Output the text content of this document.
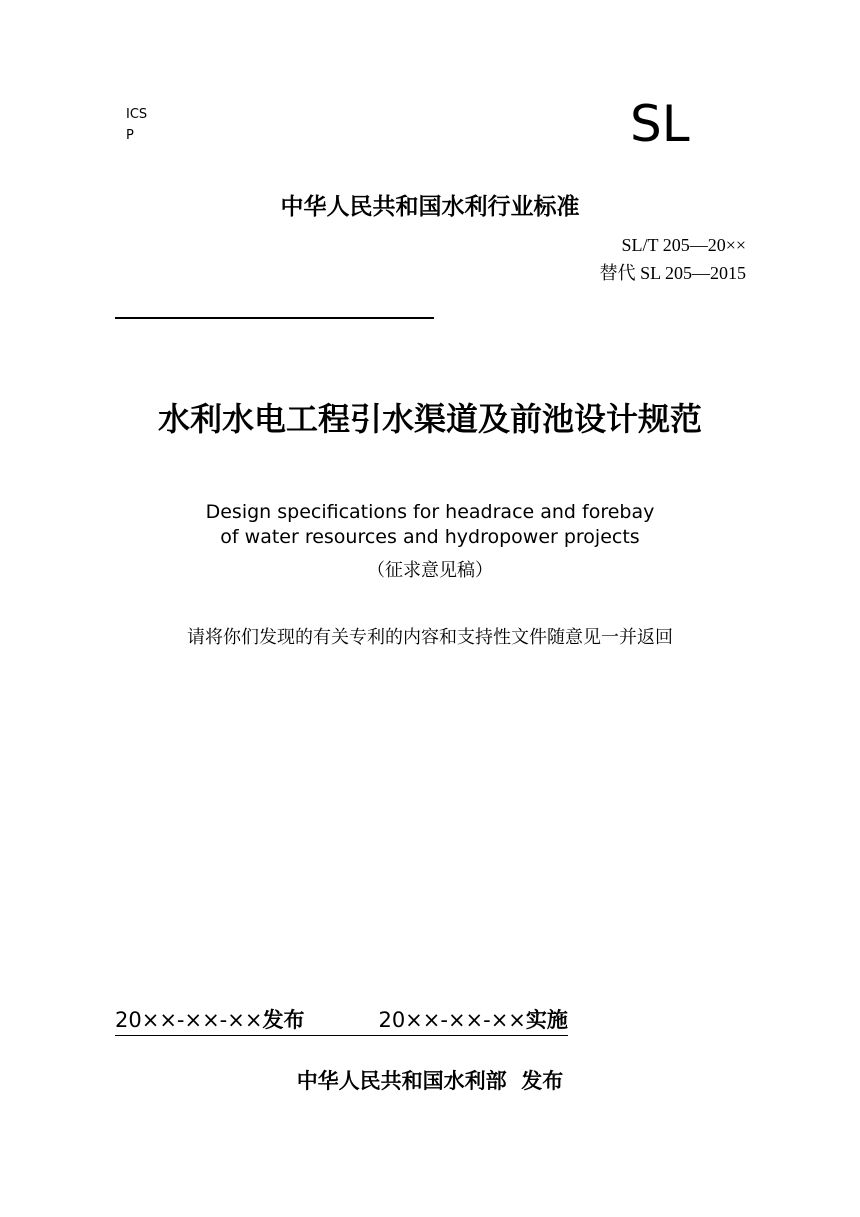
ICS
P	SL
中华人民共和国水利行业标准
SL/T 205—20××
替代 SL 205—2015
水利水电工程引水渠道及前池设计规范
Design specifications for headrace and forebay
of water resources and hydropower projects
（征求意见稿）
请将你们发现的有关专利的内容和支持性文件随意见一并返回
20××-××-××发布	20××-××-××实施
中华人民共和国水利部  发布
